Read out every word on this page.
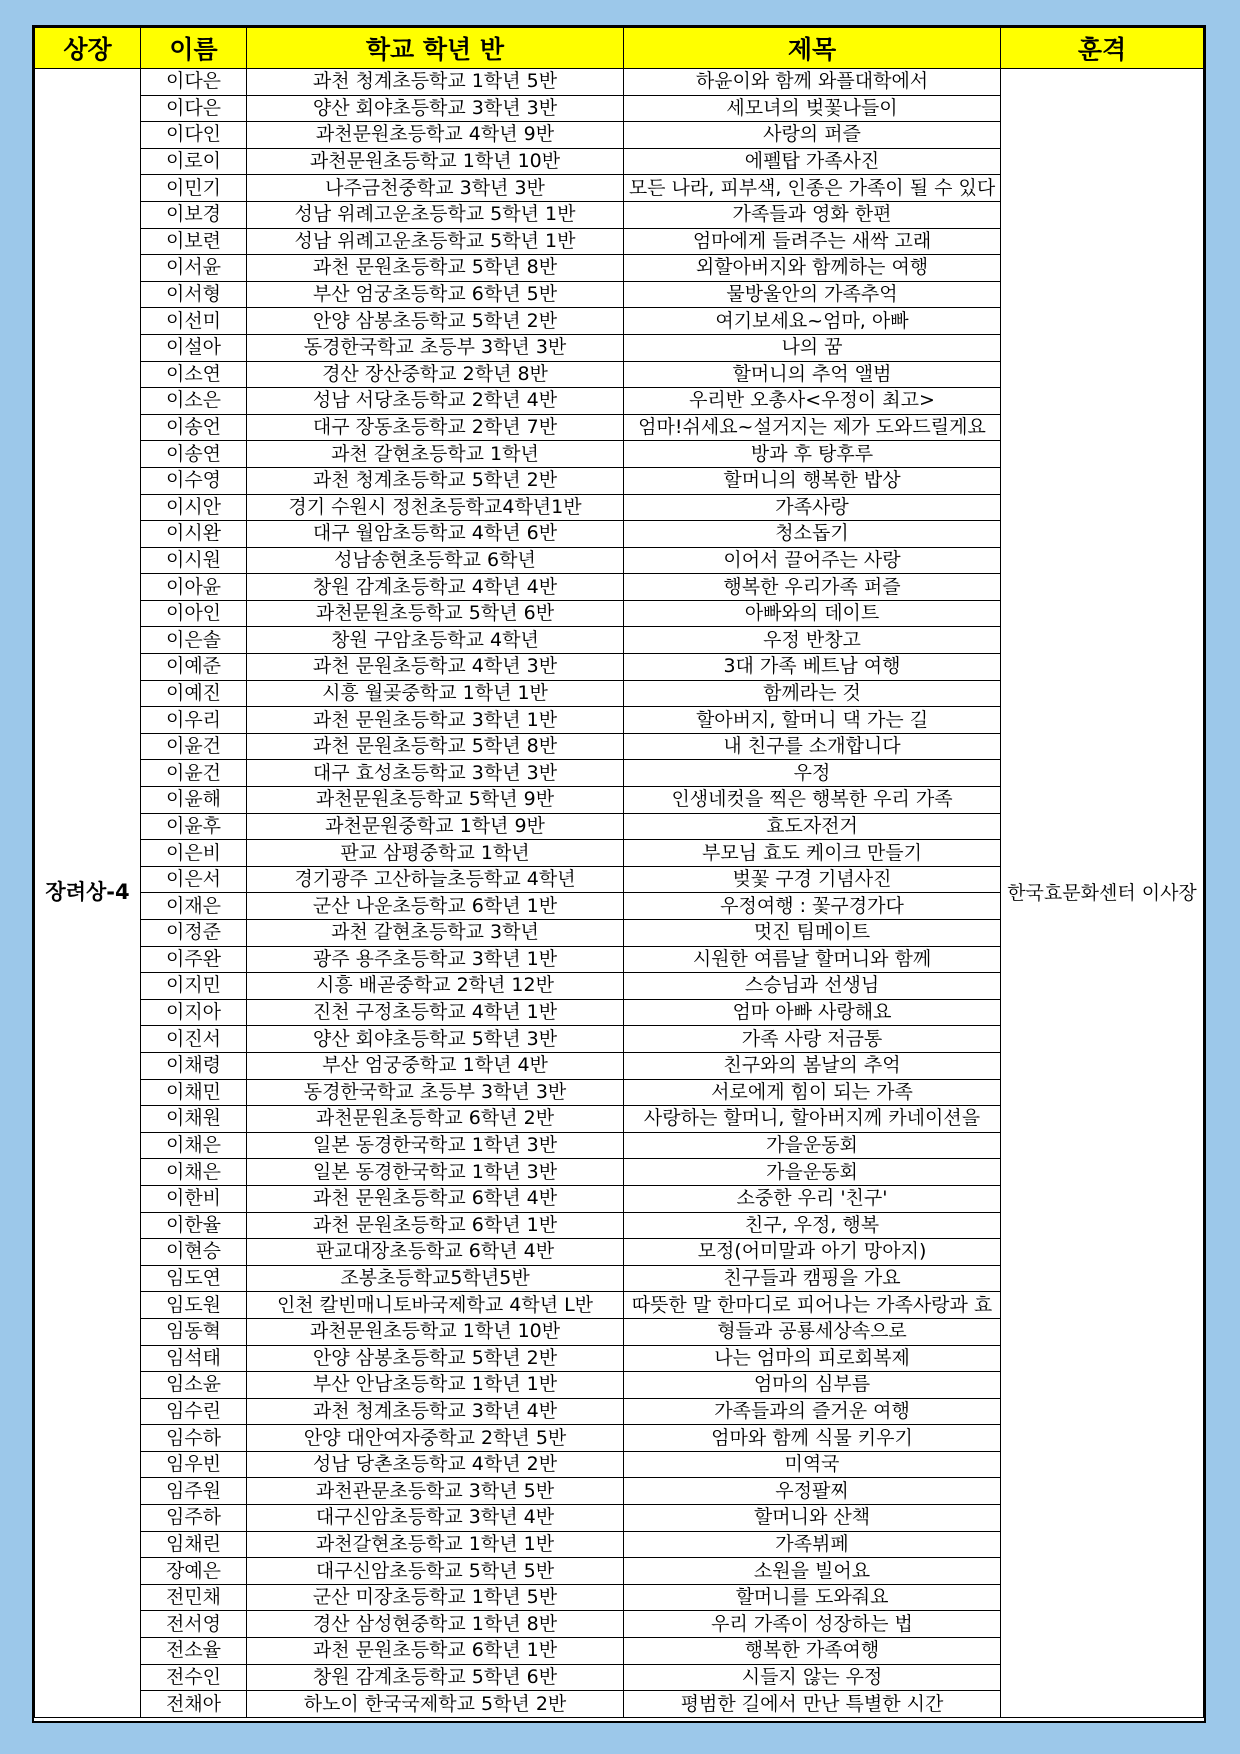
상장	이름	학교 학년 반	제목	훈격
장려상-4	이다은	과천 청계초등학교 1학년 5반	하윤이와 함께 와플대학에서	한국효문화센터 이사장
	이다은	양산 회야초등학교 3학년 3반	세모녀의 벚꽃나들이	
	이다인	과천문원초등학교 4학년 9반	사랑의 퍼즐	
	이로이	과천문원초등학교 1학년 10반	에펠탑 가족사진	
	이민기	나주금천중학교 3학년 3반	모든 나라, 피부색, 인종은 가족이 될 수 있다	
	이보경	성남 위례고운초등학교 5학년 1반	가족들과 영화 한편	
	이보련	성남 위례고운초등학교 5학년 1반	엄마에게 들려주는 새싹 고래	
	이서윤	과천 문원초등학교 5학년 8반	외할아버지와 함께하는 여행	
	이서형	부산 엄궁초등학교 6학년 5반	물방울안의 가족추억	
	이선미	안양 삼봉초등학교 5학년 2반	여기보세요~엄마, 아빠	
	이설아	동경한국학교 초등부 3학년 3반	나의 꿈	
	이소연	경산 장산중학교 2학년 8반	할머니의 추억 앨범	
	이소은	성남 서당초등학교 2학년 4반	우리반 오총사<우정이 최고>	
	이송언	대구 장동초등학교 2학년 7반	엄마!쉬세요~설거지는 제가 도와드릴게요	
	이송연	과천 갈현초등학교 1학년	방과 후 탕후루	
	이수영	과천 청계초등학교 5학년 2반	할머니의 행복한 밥상	
	이시안	경기 수원시 정천초등학교4학년1반	가족사랑	
	이시완	대구 월암초등학교 4학년 6반	청소돕기	
	이시원	성남송현초등학교 6학년	이어서 끌어주는 사랑	
	이아윤	창원 감계초등학교 4학년 4반	행복한 우리가족 퍼즐	
	이아인	과천문원초등학교 5학년 6반	아빠와의 데이트	
	이은솔	창원 구암초등학교 4학년	우정 반창고	
	이예준	과천 문원초등학교 4학년 3반	3대 가족 베트남 여행	
	이예진	시흥 월곶중학교 1학년 1반	함께라는 것	
	이우리	과천 문원초등학교 3학년 1반	할아버지, 할머니 댁 가는 길	
	이윤건	과천 문원초등학교 5학년 8반	내 친구를 소개합니다	
	이윤건	대구 효성초등학교 3학년 3반	우정	
	이윤해	과천문원초등학교 5학년 9반	인생네컷을 찍은 행복한 우리 가족	
	이윤후	과천문원중학교 1학년 9반	효도자전거	
	이은비	판교 삼평중학교 1학년	부모님 효도 케이크 만들기	
	이은서	경기광주 고산하늘초등학교 4학년	벚꽃 구경 기념사진	
	이재은	군산 나운초등학교 6학년 1반	우정여행 : 꽃구경가다	
	이정준	과천 갈현초등학교 3학년	멋진 팀메이트	
	이주완	광주 용주초등학교 3학년 1반	시원한 여름날 할머니와 함께	
	이지민	시흥 배곧중학교 2학년 12반	스승님과 선생님	
	이지아	진천 구정초등학교 4학년 1반	엄마 아빠 사랑해요	
	이진서	양산 회야초등학교 5학년 3반	가족 사랑 저금통	
	이채령	부산 엄궁중학교 1학년 4반	친구와의 봄날의 추억	
	이채민	동경한국학교 초등부 3학년 3반	서로에게 힘이 되는 가족	
	이채원	과천문원초등학교 6학년 2반	사랑하는 할머니, 할아버지께 카네이션을	
	이채은	일본 동경한국학교 1학년 3반	가을운동회	
	이채은	일본 동경한국학교 1학년 3반	가을운동회	
	이한비	과천 문원초등학교 6학년 4반	소중한 우리 '친구'	
	이한율	과천 문원초등학교 6학년 1반	친구, 우정, 행복	
	이현승	판교대장초등학교 6학년 4반	모정(어미말과 아기 망아지)	
	임도연	조봉초등학교5학년5반	친구들과 캠핑을 가요	
	임도원	인천 칼빈매니토바국제학교 4학년 L반	따뜻한 말 한마디로 피어나는 가족사랑과 효	
	임동혁	과천문원초등학교 1학년 10반	형들과 공룡세상속으로	
	임석태	안양 삼봉초등학교 5학년 2반	나는 엄마의 피로회복제	
	임소윤	부산 안남초등학교 1학년 1반	엄마의 심부름	
	임수린	과천 청계초등학교 3학년 4반	가족들과의 즐거운 여행	
	임수하	안양 대안여자중학교 2학년 5반	엄마와 함께 식물 키우기	
	임우빈	성남 당촌초등학교 4학년 2반	미역국	
	임주원	과천관문초등학교 3학년 5반	우정팔찌	
	임주하	대구신암초등학교 3학년 4반	할머니와 산책	
	임채린	과천갈현초등학교 1학년 1반	가족뷔페	
	장예은	대구신암초등학교 5학년 5반	소원을 빌어요	
	전민채	군산 미장초등학교 1학년 5반	할머니를 도와줘요	
	전서영	경산 삼성현중학교 1학년 8반	우리 가족이 성장하는 법	
	전소율	과천 문원초등학교 6학년 1반	행복한 가족여행	
	전수인	창원 감계초등학교 5학년 6반	시들지 않는 우정	
	전채아	하노이 한국국제학교 5학년 2반	평범한 길에서 만난 특별한 시간	
